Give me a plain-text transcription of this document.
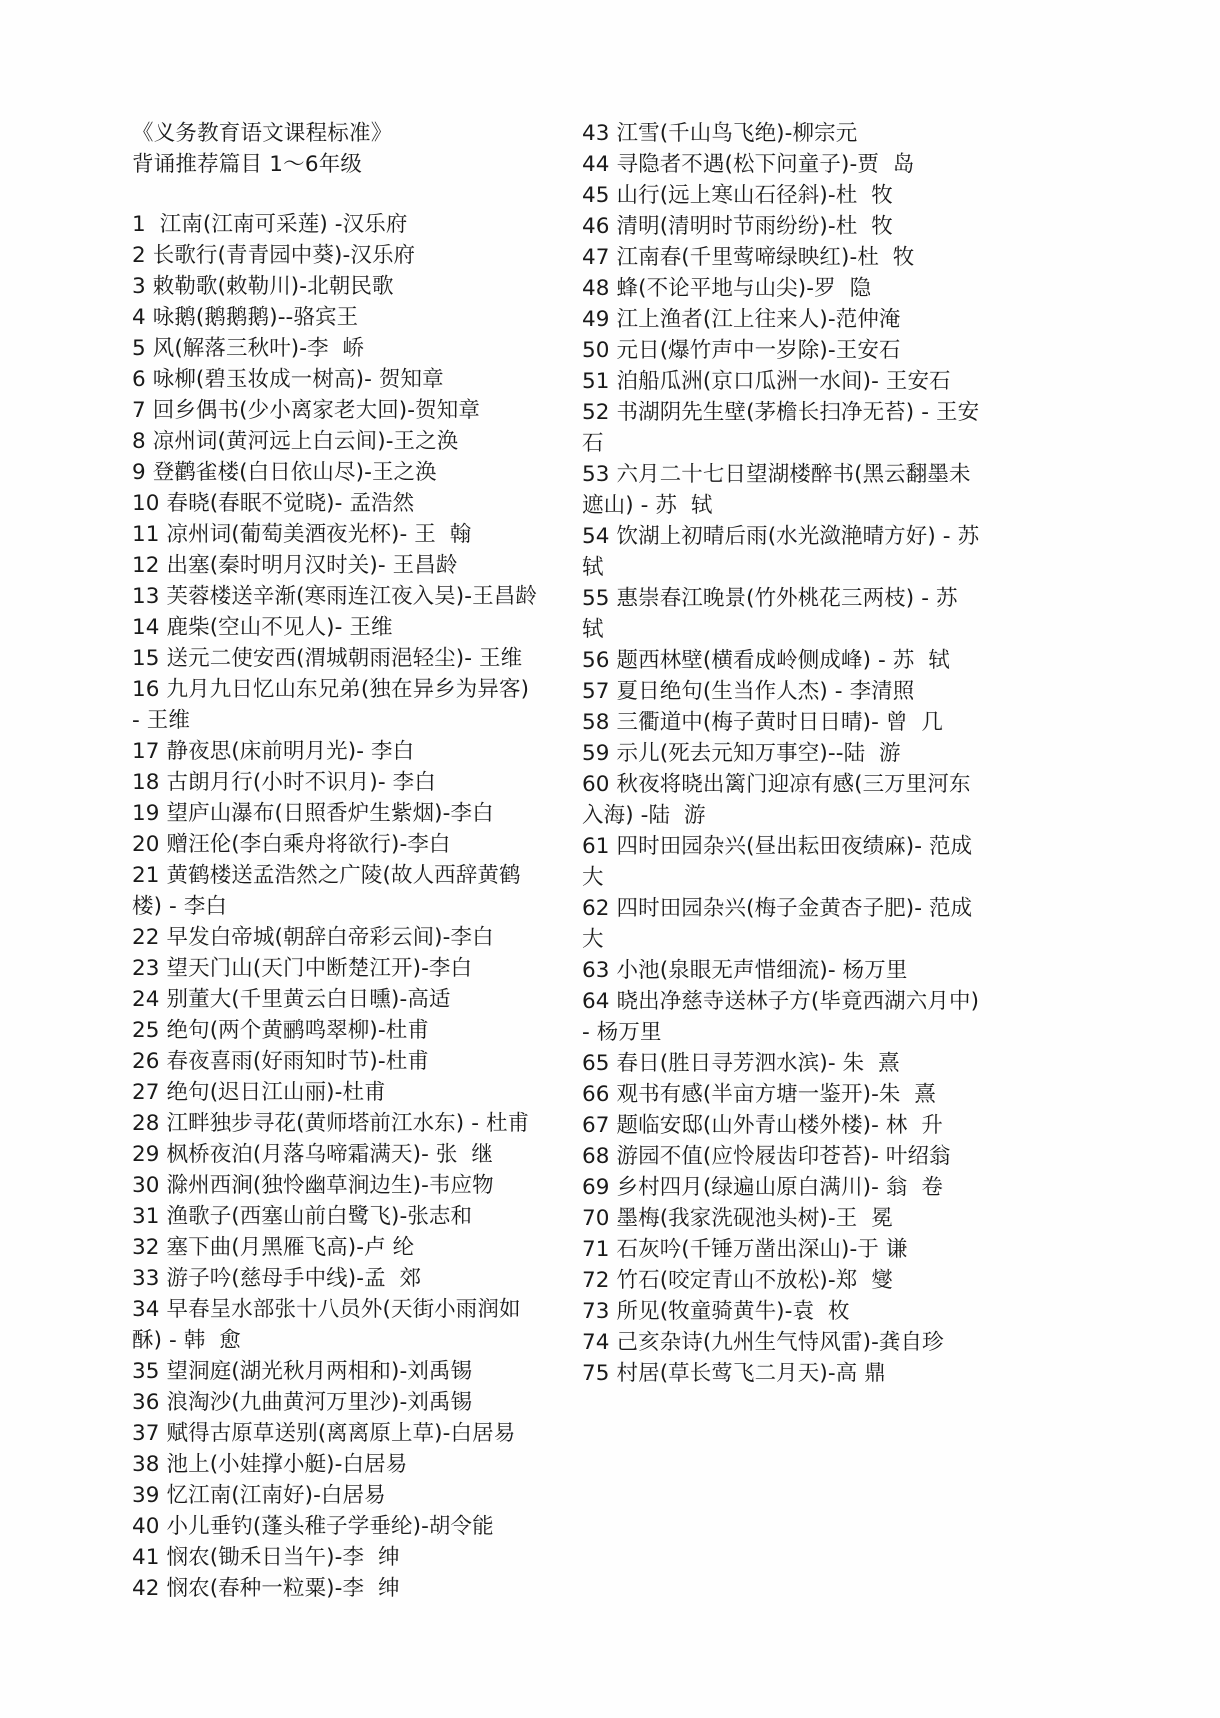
《义务教育语文课程标准》
背诵推荐篇目 1～6年级
1  江南(江南可采莲) -汉乐府
2 长歌行(青青园中葵)-汉乐府
3 敕勒歌(敕勒川)-北朝民歌
4 咏鹅(鹅鹅鹅)--骆宾王
5 风(解落三秋叶)-李  峤
6 咏柳(碧玉妆成一树高)- 贺知章
7 回乡偶书(少小离家老大回)-贺知章
8 凉州词(黄河远上白云间)-王之涣
9 登鹳雀楼(白日依山尽)-王之涣
10 春晓(春眠不觉晓)- 孟浩然
11 凉州词(葡萄美酒夜光杯)- 王  翰
12 出塞(秦时明月汉时关)- 王昌龄
13 芙蓉楼送辛渐(寒雨连江夜入吴)-王昌龄
14 鹿柴(空山不见人)- 王维
15 送元二使安西(渭城朝雨浥轻尘)- 王维
16 九月九日忆山东兄弟(独在异乡为异客) - 王维
17 静夜思(床前明月光)- 李白
18 古朗月行(小时不识月)- 李白
19 望庐山瀑布(日照香炉生紫烟)-李白
20 赠汪伦(李白乘舟将欲行)-李白
21 黄鹤楼送孟浩然之广陵(故人西辞黄鹤楼) - 李白
22 早发白帝城(朝辞白帝彩云间)-李白
23 望天门山(天门中断楚江开)-李白
24 别董大(千里黄云白日曛)-高适
25 绝句(两个黄鹂鸣翠柳)-杜甫
26 春夜喜雨(好雨知时节)-杜甫
27 绝句(迟日江山丽)-杜甫
28 江畔独步寻花(黄师塔前江水东) - 杜甫
29 枫桥夜泊(月落乌啼霜满天)- 张  继
30 滁州西涧(独怜幽草涧边生)-韦应物
31 渔歌子(西塞山前白鹭飞)-张志和
32 塞下曲(月黑雁飞高)-卢 纶
33 游子吟(慈母手中线)-孟  郊
34 早春呈水部张十八员外(天街小雨润如酥) - 韩  愈
35 望洞庭(湖光秋月两相和)-刘禹锡
36 浪淘沙(九曲黄河万里沙)-刘禹锡
37 赋得古原草送别(离离原上草)-白居易
38 池上(小娃撑小艇)-白居易
39 忆江南(江南好)-白居易
40 小儿垂钓(蓬头稚子学垂纶)-胡令能
41 悯农(锄禾日当午)-李  绅
42 悯农(春种一粒粟)-李  绅
43 江雪(千山鸟飞绝)-柳宗元
44 寻隐者不遇(松下问童子)-贾  岛
45 山行(远上寒山石径斜)-杜  牧
46 清明(清明时节雨纷纷)-杜  牧
47 江南春(千里莺啼绿映红)-杜  牧
48 蜂(不论平地与山尖)-罗  隐
49 江上渔者(江上往来人)-范仲淹
50 元日(爆竹声中一岁除)-王安石
51 泊船瓜洲(京口瓜洲一水间)- 王安石
52 书湖阴先生壁(茅檐长扫净无苔) - 王安石
53 六月二十七日望湖楼醉书(黑云翻墨未遮山) - 苏  轼
54 饮湖上初晴后雨(水光潋滟晴方好) - 苏轼
55 惠崇春江晚景(竹外桃花三两枝) - 苏  轼
56 题西林壁(横看成岭侧成峰) - 苏  轼
57 夏日绝句(生当作人杰) - 李清照
58 三衢道中(梅子黄时日日晴)- 曾  几
59 示儿(死去元知万事空)--陆  游
60 秋夜将晓出篱门迎凉有感(三万里河东入海) -陆  游
61 四时田园杂兴(昼出耘田夜绩麻)- 范成大
62 四时田园杂兴(梅子金黄杏子肥)- 范成大
63 小池(泉眼无声惜细流)- 杨万里
64 晓出净慈寺送林子方(毕竟西湖六月中) - 杨万里
65 春日(胜日寻芳泗水滨)- 朱  熹
66 观书有感(半亩方塘一鉴开)-朱  熹
67 题临安邸(山外青山楼外楼)- 林  升
68 游园不值(应怜屐齿印苍苔)- 叶绍翁
69 乡村四月(绿遍山原白满川)- 翁  卷
70 墨梅(我家洗砚池头树)-王  冕
71 石灰吟(千锤万凿出深山)-于 谦
72 竹石(咬定青山不放松)-郑  燮
73 所见(牧童骑黄牛)-袁  枚
74 己亥杂诗(九州生气恃风雷)-龚自珍
75 村居(草长莺飞二月天)-高 鼎
